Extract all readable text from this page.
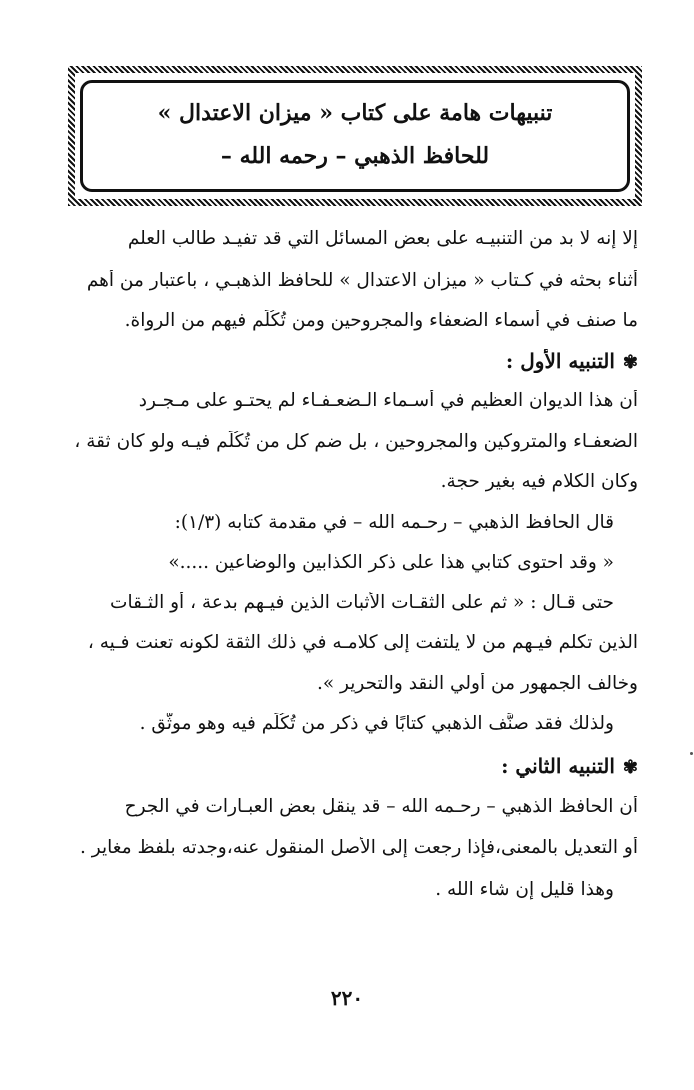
تنبيهات هامة على كتاب « ميزان الاعتدال »
للحافظ الذهبي – رحمه الله –
إلا إنه لا بد من التنبيـه على بعض المسائل التي قد تفيـد طالب العلم
أثناء بحثه في كـتاب « ميزان الاعتدال » للحافظ الذهبـي ، باعتبار من أهم
ما صنف في أسماء الضعفاء والمجروحين ومن تُكُلِّم فيهم من الرواة.
✾التنبيه الأول :
أن هذا الديوان العظيم في أسـماء الـضعـفـاء لم يحتـو على مـجـرد
الضعفـاء والمتروكين والمجروحين ، بل ضم كل من تُكُلِّم فيـه ولو كان ثقة ،
وكان الكلام فيه بغير حجة.
قال الحافظ الذهبي – رحـمه الله – في مقدمة كتابه (١/٣):
« وقد احتوى كتابي هذا على ذكر الكذابين والوضاعين .....»
حتى قـال : « ثم على الثقـات الأثبات الذين فيـهم بدعة ، أو الثـقات
الذين تكلم فيـهم من لا يلتفت إلى كلامـه في ذلك الثقة لكونه تعنت فـيه ،
وخالف الجمهور من أولي النقد والتحرير ».
ولذلك فقد صنَّف الذهبي كتابًا في ذكر من تُكُلِّم فيه وهو موثَّق .
✾التنبيه الثاني :
أن الحافظ الذهبي – رحـمه الله – قد ينقل بعض العبـارات في الجرح
أو التعديل بالمعنى،فإذا رجعت إلى الأصل المنقول عنه،وجدته بلفظ مغاير .
وهذا قليل إن شاء الله .
٢٢٠
